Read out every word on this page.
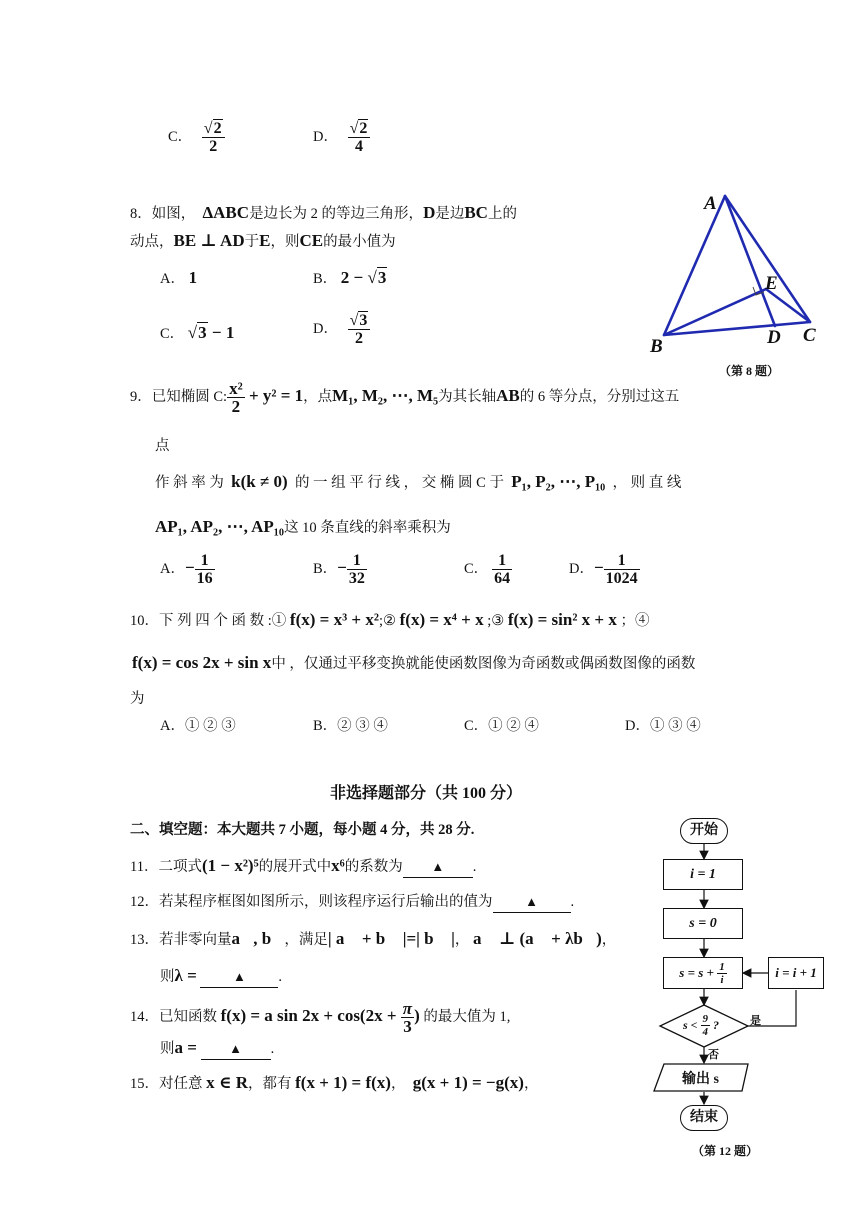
C． $\frac{√2}{2}$	D． $\frac{√2}{4}$
8．如图， ΔABC是边长为 2 的等边三角形，D是边BC上的
动点，BE ⊥ AD于E，则CE的最小值为
A． 1	B． 2 − √3
C． √3 − 1	D． $\frac{√3}{2}$
A
B
C
D
E
（第 8 题）
9．已知椭圆 C: $\frac{\text{x²}}{2} + y^2 = 1$，点M₁, M₂, ⋯, M₅为其长轴AB的 6 等分点，分别过这五
点
作 斜 率 为 k(k ≠ 0) 的 一 组 平 行 线 ， 交 椭 圆 C 于 P₁, P₂, ⋯, P₁₀ ， 则 直 线
AP₁, AP₂, ⋯, AP₁₀这 10 条直线的斜率乘积为
A．− $\frac{1}{16}$	B．− $\frac{1}{32}$	C． $\frac{1}{64}$	D．− $\frac{1}{1024}$
10．下 列 四 个 函 数 :① f(x) = x³ + x²;② f(x) = x⁴ + x ;③ f(x) = sin² x + x ；④
f(x) = cos 2x + sin x中 ，仅通过平移变换就能使函数图像为奇函数或偶函数图像的函数
为
A．① ② ③	B．② ③ ④	C．① ② ④	D．① ③ ④
非选择题部分（共 100 分）
二、填空题：本大题共 7 小题，每小题 4 分，共 28 分.
11．二项式(1 − x²)⁵的展开式中x⁶的系数为 ▲ .
12．若某程序框图如图所示，则该程序运行后输出的值为	▲ .
13．若非零向量a⃗, b⃗，满足| a⃗ + b⃗ |=| b⃗ |， a⃗ ⊥ (a⃗ + λb⃗)，
则λ =	▲ .
14．已知函数 f(x) = a $\sin 2x + \cos(2x + \frac{\pi}{3}$ ) 的最大值为 1,
则a = ▲ .
15．对任意 x ∈ R，都有 f(x + 1) = f(x)， g(x + 1) = −g(x)，
开始
i = 1
s = 0
$s = s + \frac{1}{i}$	i = i + 1
$s < \frac{9}{4}$ ?	是
否
输出 s
结束
（第 12 题）
